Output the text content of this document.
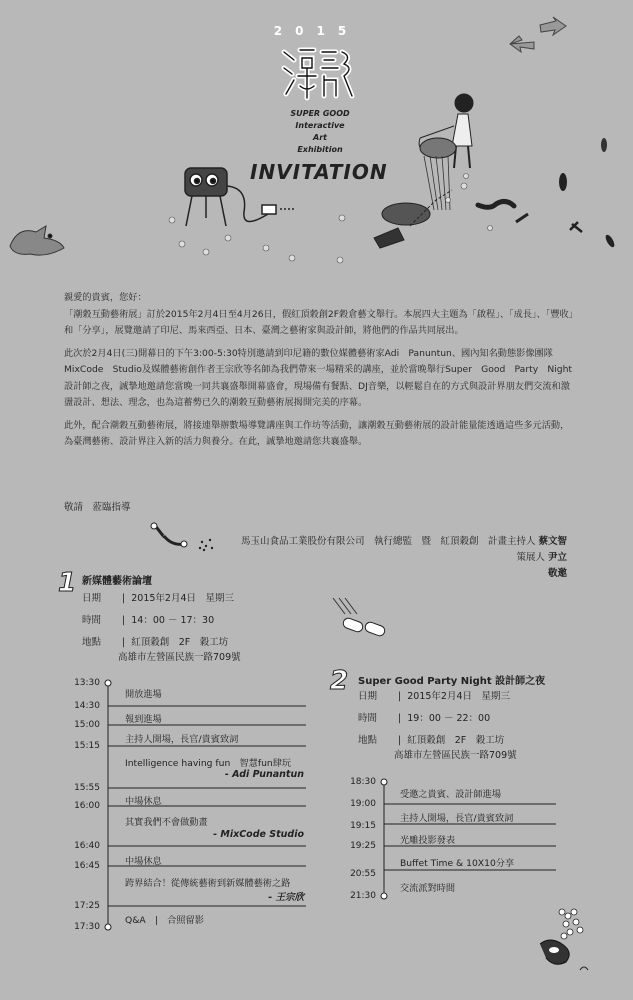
2015
SUPER GOOD
Interactive
Art
Exhibition
INVITATION

親愛的貴賓，您好：

「潮穀互動藝術展」訂於2015年2月4日至4月26日，假紅頂穀創2F穀倉藝文舉行。本展四大主題為「啟程」、「成長」、「豐收」和「分享」，展覽邀請了印尼、馬來西亞、日本、臺灣之藝術家與設計師，將他們的作品共同展出。

此次於2月4日(三)開幕日的下午3:00-5:30特別邀請到印尼籍的數位媒體藝術家Adi　Panuntun、國內知名動態影像團隊MixCode　Studio及媒體藝術創作者王宗欣等名師為我們帶來一場精采的講座，並於當晚舉行Super　Good　Party　Night設計師之夜，誠摯地邀請您當晚一同共襄盛舉開幕盛會，現場備有餐點、DJ音樂，以輕鬆自在的方式與設計界朋友們交流和激盪設計、想法、理念，也為這蓄勢已久的潮穀互動藝術展揭開完美的序幕。

此外，配合潮穀互動藝術展，將接連舉辦數場導覽講座與工作坊等活動，讓潮穀互動藝術展的設計能量能透過這些多元活動，為臺灣藝術、設計界注入新的活力與養分。在此，誠摯地邀請您共襄盛舉。

敬請　蒞臨指導
馬玉山食品工業股份有限公司　執行總監　暨　紅頂穀創　計畫主持人 蔡文智
策展人 尹立
敬邀
1 新媒體藝術論壇
日期 |  2015年2月4日　星期三
時間 |  14：00 － 17：30
地點 |  紅頂穀創　2F　穀工坊
高雄市左營區民族一路709號
13:30
14:30
15:00
15:15
15:55
16:00
16:40
16:45
17:25
17:30
開放進場
報到進場
主持人開場，長官/貴賓致詞
Intelligence having fun　智慧fun肆玩
- Adi Punantun
中場休息
其實我們不會做動畫
- MixCode Studio
中場休息
跨界結合！從傳統藝術到新媒體藝術之路
- 王宗欣
Q&A　|　合照留影
2 Super Good Party Night 設計師之夜
日期 |  2015年2月4日　星期三
時間 |  19：00 － 22：00
地點 |  紅頂穀創　2F　穀工坊
高雄市左營區民族一路709號
18:30
19:00
19:15
19:25
20:55
21:30
受邀之貴賓、設計師進場
主持人開場，長官/貴賓致詞
光雕投影發表
Buffet Time & 10X10分享
交流派對時間
